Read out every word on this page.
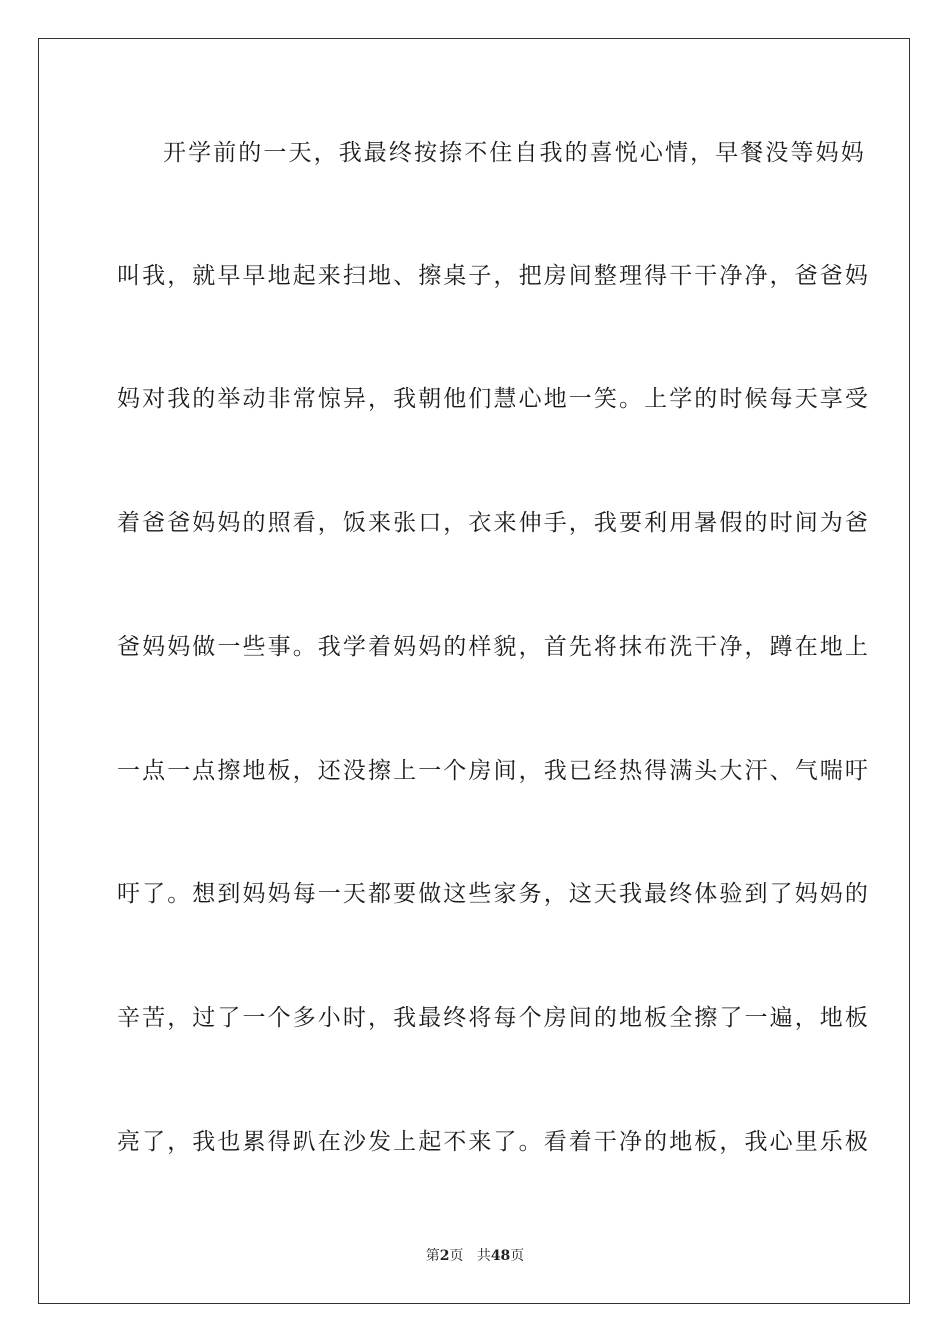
开学前的一天，我最终按捺不住自我的喜悦心情，早餐没等妈妈
叫我，就早早地起来扫地、擦桌子，把房间整理得干干净净，爸爸妈
妈对我的举动非常惊异，我朝他们慧心地一笑。上学的时候每天享受
着爸爸妈妈的照看，饭来张口，衣来伸手，我要利用暑假的时间为爸
爸妈妈做一些事。我学着妈妈的样貌，首先将抹布洗干净，蹲在地上
一点一点擦地板，还没擦上一个房间，我已经热得满头大汗、气喘吁
吁了。想到妈妈每一天都要做这些家务，这天我最终体验到了妈妈的
辛苦，过了一个多小时，我最终将每个房间的地板全擦了一遍，地板
亮了，我也累得趴在沙发上起不来了。看着干净的地板，我心里乐极
第2页 共48页
